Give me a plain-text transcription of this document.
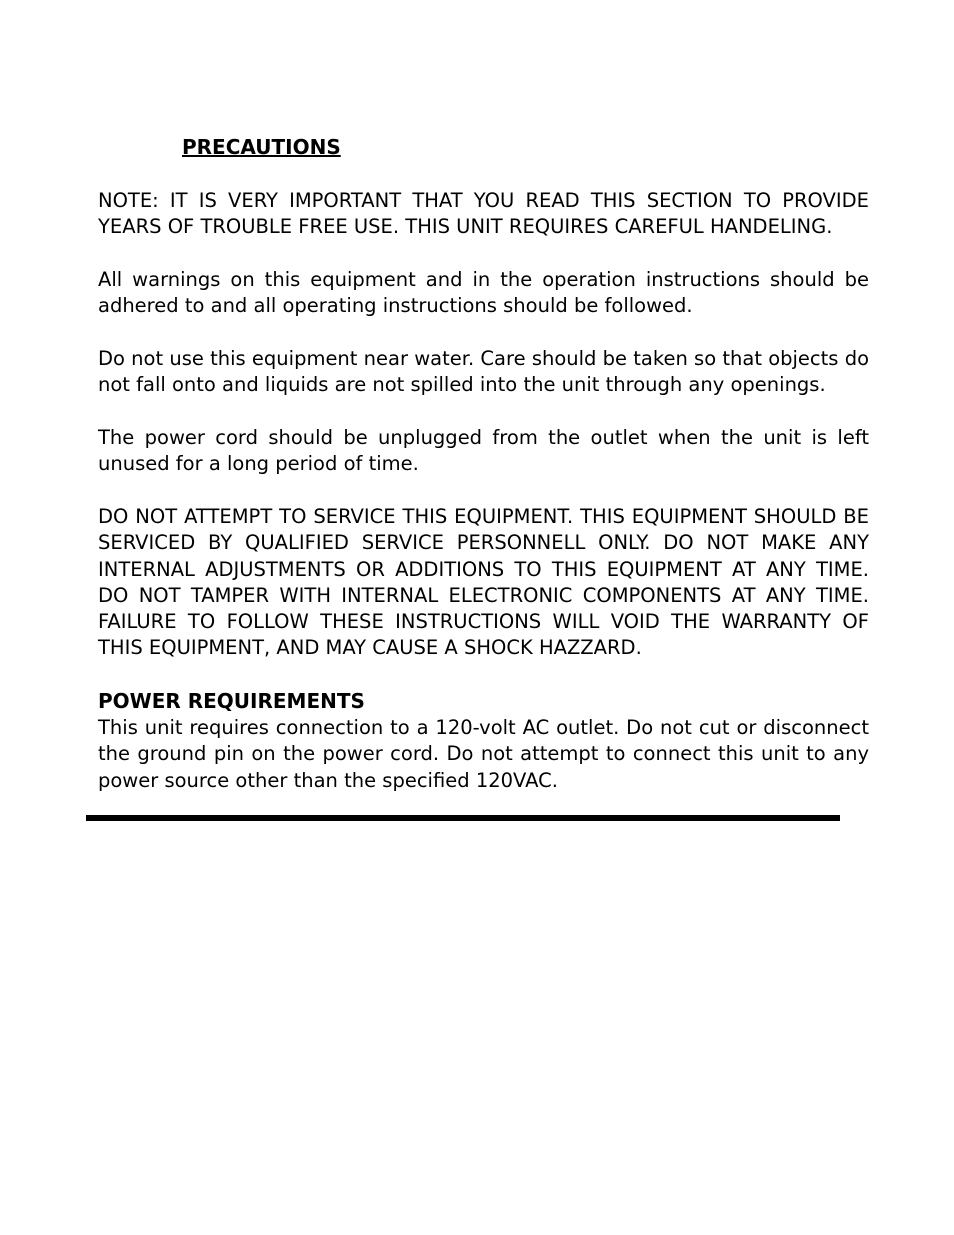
PRECAUTIONS
NOTE: IT IS VERY IMPORTANT THAT YOU READ THIS SECTION TO PROVIDE YEARS OF TROUBLE FREE USE. THIS UNIT REQUIRES CAREFUL HANDELING.
All warnings on this equipment and in the operation instructions should be adhered to and all operating instructions should be followed.
Do not use this equipment near water. Care should be taken so that objects do not fall onto and liquids are not spilled into the unit through any openings.
The power cord should be unplugged from the outlet when the unit is left unused for a long period of time.
DO NOT ATTEMPT TO SERVICE THIS EQUIPMENT. THIS EQUIPMENT SHOULD BE SERVICED BY QUALIFIED SERVICE PERSONNELL ONLY. DO NOT MAKE ANY INTERNAL ADJUSTMENTS OR ADDITIONS TO THIS EQUIPMENT AT ANY TIME. DO NOT TAMPER WITH INTERNAL ELECTRONIC COMPONENTS AT ANY TIME. FAILURE TO FOLLOW THESE INSTRUCTIONS WILL VOID THE WARRANTY OF THIS EQUIPMENT, AND MAY CAUSE A SHOCK HAZZARD.
POWER REQUIREMENTS
This unit requires connection to a 120-volt AC outlet. Do not cut or disconnect the ground pin on the power cord. Do not attempt to connect this unit to any power source other than the specified 120VAC.
